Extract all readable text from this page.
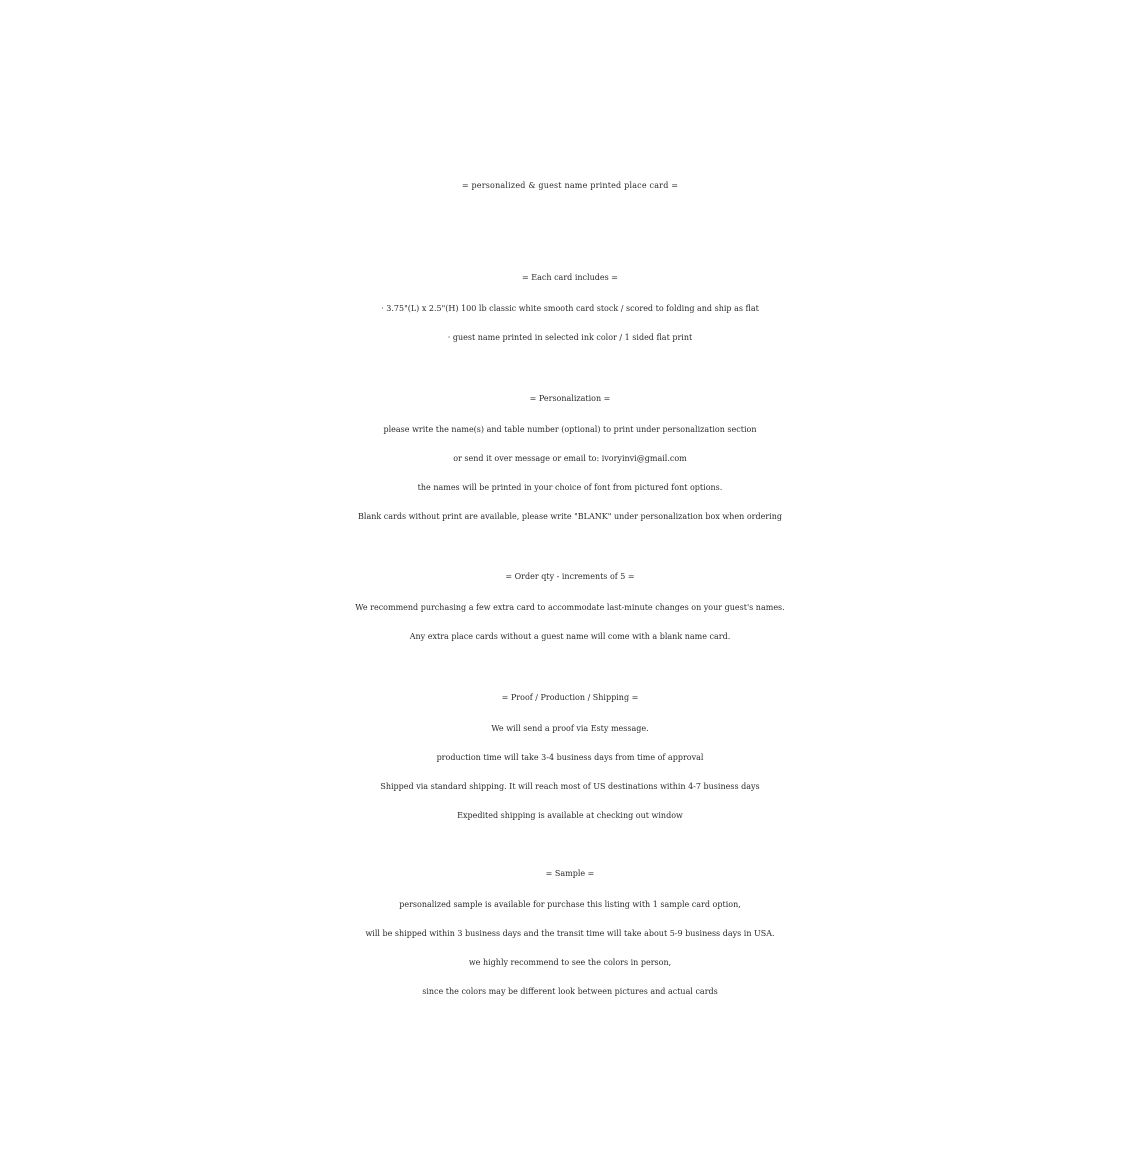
= personalized & guest name printed place card =
= Each card includes =
· 3.75"(L) x 2.5"(H) 100 lb classic white smooth card stock / scored to folding and ship as flat
· guest name printed in selected ink color / 1 sided flat print
= Personalization =
please write the name(s) and table number (optional) to print under personalization section
or send it over message or email to: ivoryinvi@gmail.com
the names will be printed in your choice of font from pictured font options.
Blank cards without print are available, please write "BLANK" under personalization box when ordering
= Order qty - increments of 5 =
We recommend purchasing a few extra card to accommodate last-minute changes on your guest's names.
Any extra place cards without a guest name will come with a blank name card.
= Proof / Production / Shipping =
We will send a proof via Esty message.
production time will take 3-4 business days from time of approval
Shipped via standard shipping. It will reach most of US destinations within 4-7 business days
Expedited shipping is available at checking out window
= Sample =
personalized sample is available for purchase this listing with 1 sample card option,
will be shipped within 3 business days and the transit time will take about 5-9 business days in USA.
we highly recommend to see the colors in person,
since the colors may be different look between pictures and actual cards
